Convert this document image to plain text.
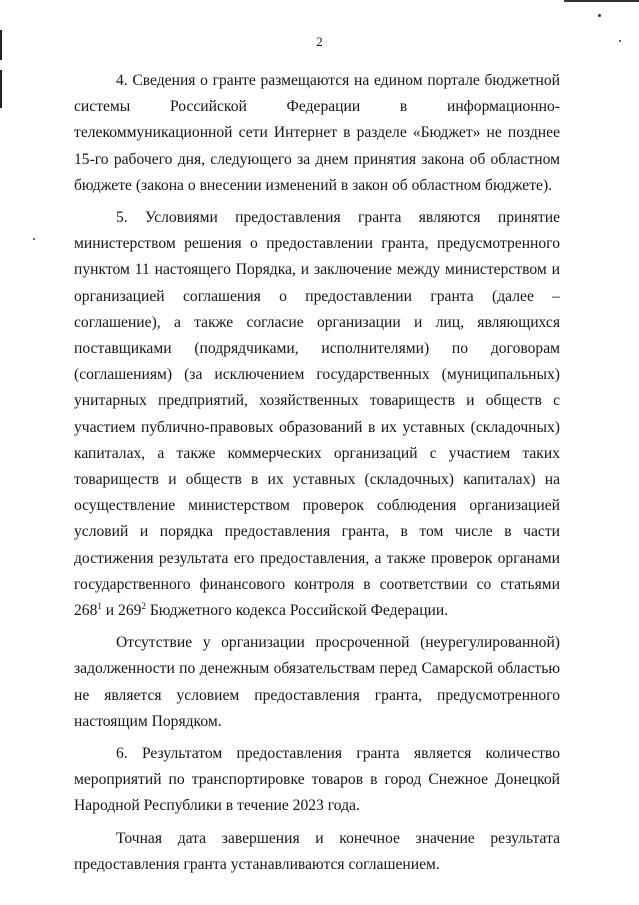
2

4. Сведения о гранте размещаются на едином портале бюджетной системы Российской Федерации в информационно-телекоммуникационной сети Интернет в разделе «Бюджет» не позднее 15-го рабочего дня, следующего за днем принятия закона об областном бюджете (закона о внесении изменений в закон об областном бюджете).

5. Условиями предоставления гранта являются принятие министерством решения о предоставлении гранта, предусмотренного пунктом 11 настоящего Порядка, и заключение между министерством и организацией соглашения о предоставлении гранта (далее – соглашение), а также согласие организации и лиц, являющихся поставщиками (подрядчиками, исполнителями) по договорам (соглашениям) (за исключением государственных (муниципальных) унитарных предприятий, хозяйственных товариществ и обществ с участием публично-правовых образований в их уставных (складочных) капиталах, а также коммерческих организаций с участием таких товариществ и обществ в их уставных (складочных) капиталах) на осуществление министерством проверок соблюдения организацией условий и порядка предоставления гранта, в том числе в части достижения результата его предоставления, а также проверок органами государственного финансового контроля в соответствии со статьями $268^1$ и $269^2$ Бюджетного кодекса Российской Федерации.

Отсутствие у организации просроченной (неурегулированной) задолженности по денежным обязательствам перед Самарской областью не является условием предоставления гранта, предусмотренного настоящим Порядком.

6. Результатом предоставления гранта является количество мероприятий по транспортировке товаров в город Снежное Донецкой Народной Республики в течение 2023 года.

Точная дата завершения и конечное значение результата предоставления гранта устанавливаются соглашением.
